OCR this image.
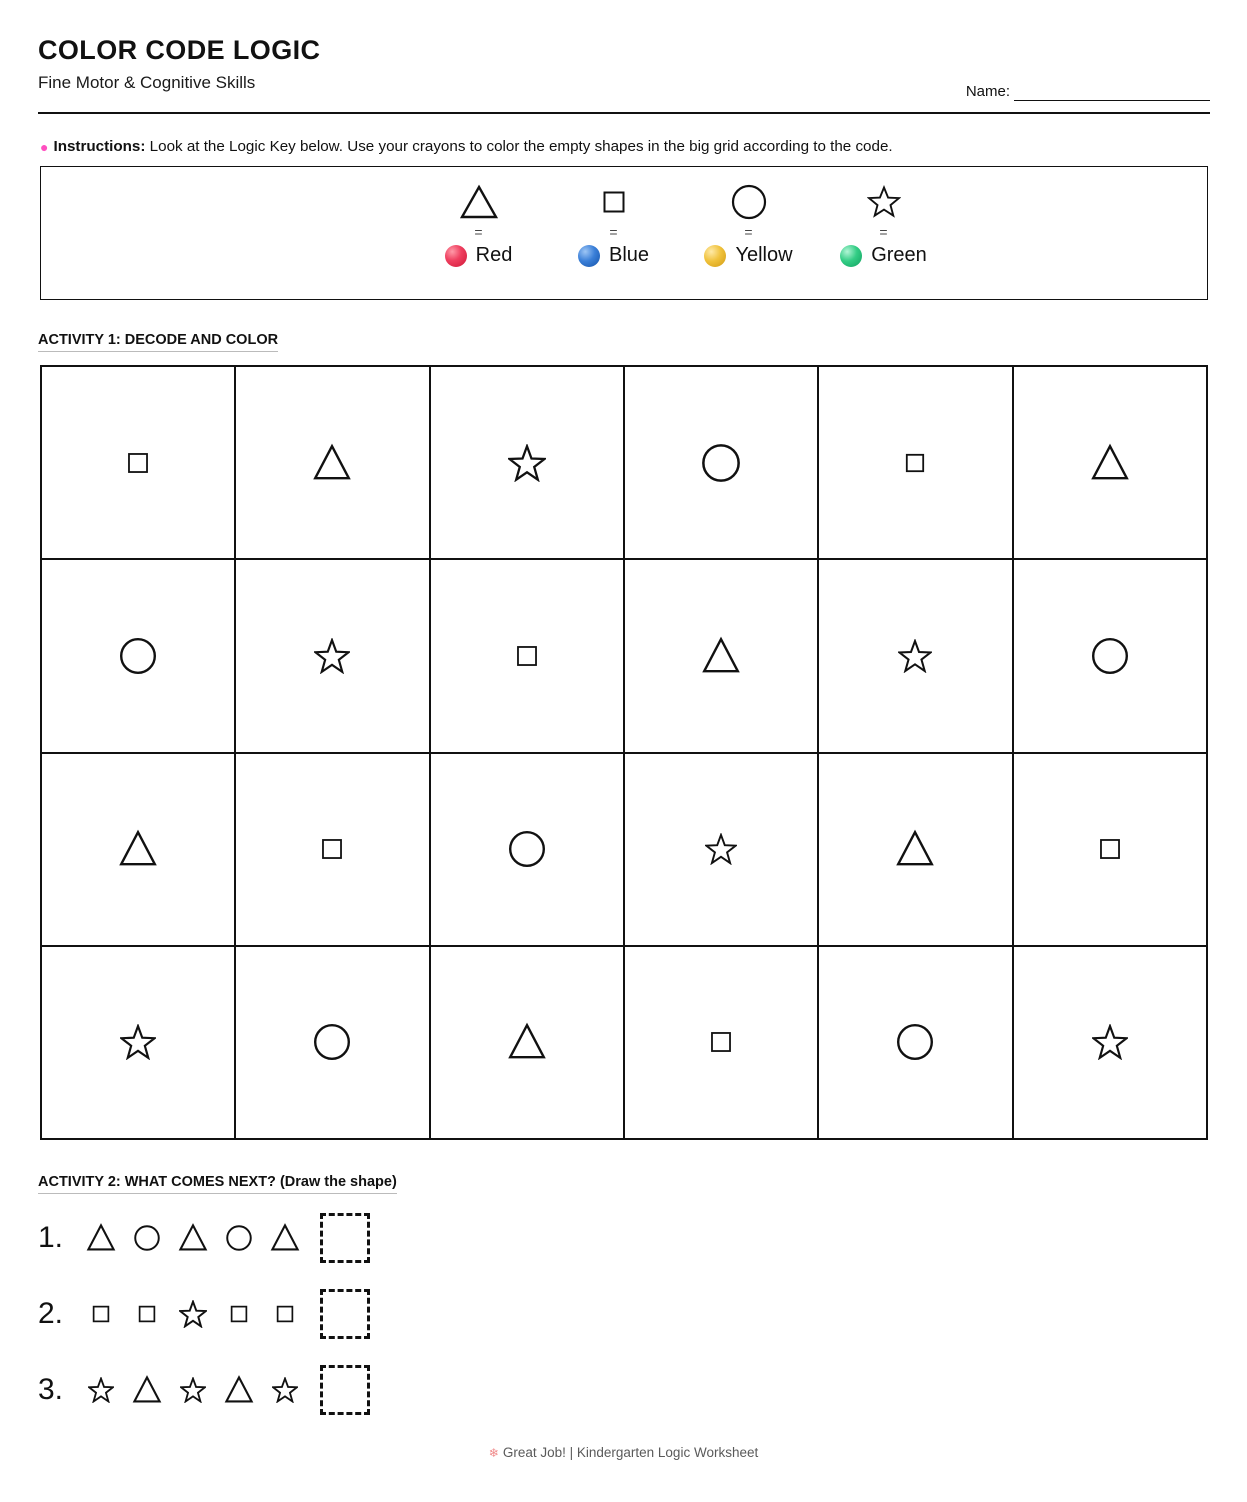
COLOR CODE LOGIC

Fine Motor & Cognitive Skills	Name:
● Instructions: Look at the Logic Key below. Use your crayons to color the empty shapes in the big grid according to the code.
=
Red
=
Blue
=
Yellow
=
Green
ACTIVITY 1: DECODE AND COLOR
ACTIVITY 2: WHAT COMES NEXT? (Draw the shape)
1.
2.
3.
❄ Great Job! | Kindergarten Logic Worksheet
